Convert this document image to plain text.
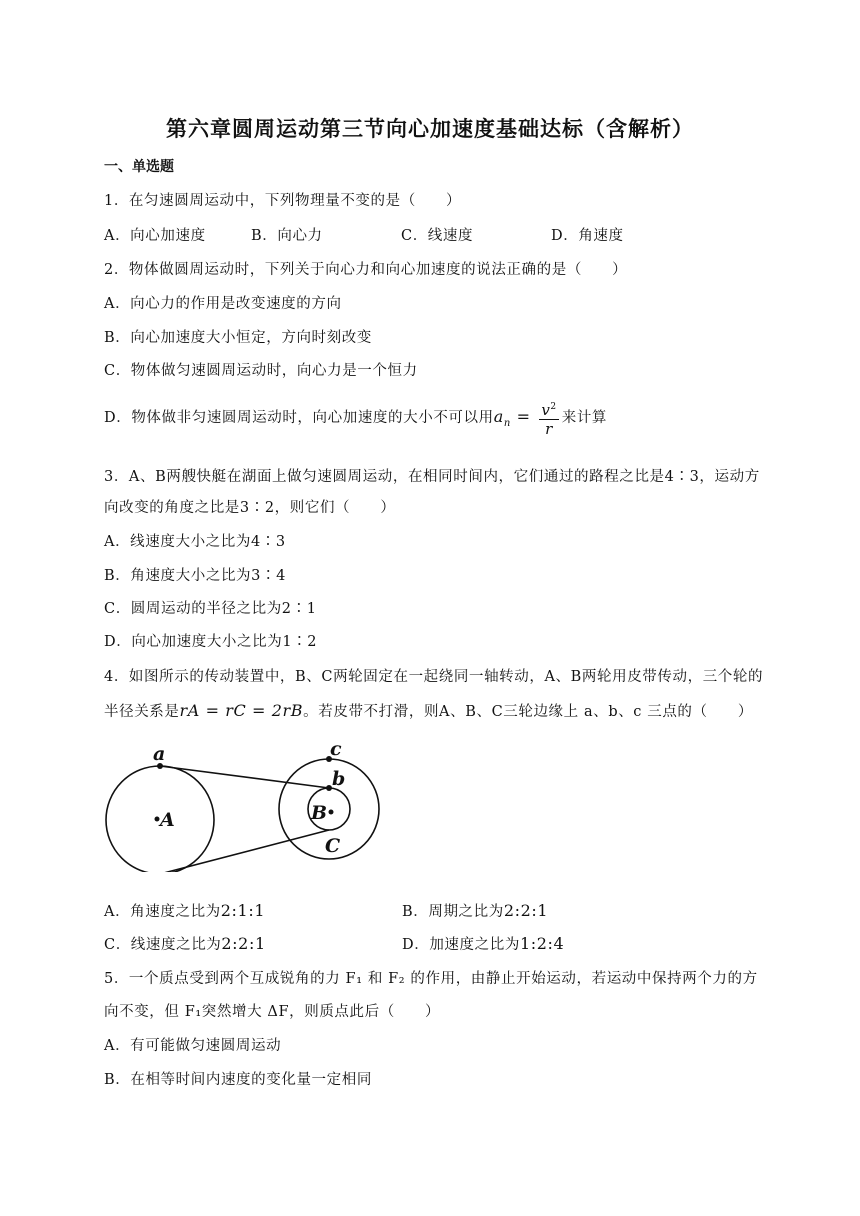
第六章圆周运动第三节向心加速度基础达标（含解析）
一、单选题
1．在匀速圆周运动中，下列物理量不变的是（　　）
A．向心加速度	B．向心力	C．线速度	D．角速度
2．物体做圆周运动时，下列关于向心力和向心加速度的说法正确的是（　　）
A．向心力的作用是改变速度的方向
B．向心加速度大小恒定，方向时刻改变
C．物体做匀速圆周运动时，向心力是一个恒力
D．物体做非匀速圆周运动时，向心加速度的大小不可以用$a_n = \frac{v^2}{r}$ 来计算
3．A、B两艘快艇在湖面上做匀速圆周运动，在相同时间内，它们通过的路程之比是4∶3，运动方
向改变的角度之比是3∶2，则它们（　　）
A．线速度大小之比为4∶3
B．角速度大小之比为3∶4
C．圆周运动的半径之比为2∶1
D．向心加速度大小之比为1∶2
4．如图所示的传动装置中，B、C两轮固定在一起绕同一轴转动，A、B两轮用皮带传动，三个轮的
半径关系是rA = rC = 2rB。若皮带不打滑，则A、B、C三轮边缘上 a、b、c 三点的（　　）
a
A
b
B
c
C
A．角速度之比为2:1:1	B．周期之比为2:2:1
C．线速度之比为2:2:1	D．加速度之比为1:2:4
5．一个质点受到两个互成锐角的力 F₁ 和 F₂ 的作用，由静止开始运动，若运动中保持两个力的方
向不变，但 F₁突然增大 ΔF，则质点此后（　　）
A．有可能做匀速圆周运动
B．在相等时间内速度的变化量一定相同
